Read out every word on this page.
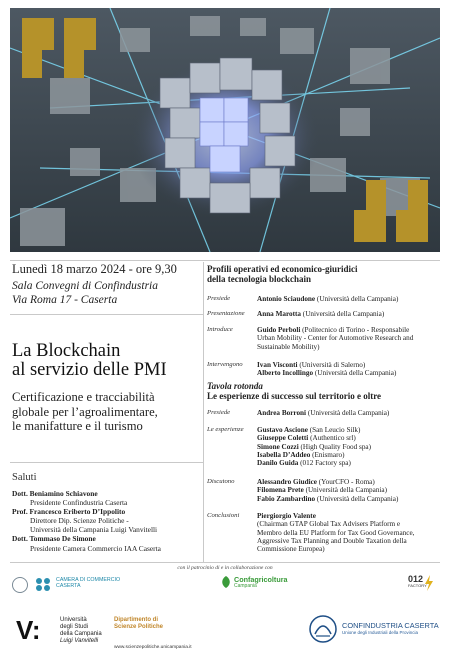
Lunedì 18 marzo 2024 - ore 9,30
Sala Convegni di Confindustria
Via Roma 17 - Caserta
La Blockchain
al servizio delle PMI
Certificazione e tracciabilità
globale per l’agroalimentare,
le manifatture e il turismo
Saluti
Dott. Beniamino Schiavone
Presidente Confindustria Caserta
Prof. Francesco Eriberto D’Ippolito
Direttore Dip. Scienze Politiche -
Università della Campania Luigi Vanvitelli
Dott. Tommaso De Simone
Presidente Camera Commercio IAA Caserta
Profili operativi ed economico-giuridici
della tecnologia blockchain
Presiede	Antonio Sciaudone (Università della Campania)
Presentazione	Anna Marotta (Università della Campania)
Introduce	Guido Perboli (Politecnico di Torino - Responsabile
Urban Mobility - Center for Automotive Research and
Sustainable Mobility)
Intervengono	Ivan Visconti (Università di Salerno)
Alberto Incollingo (Università della Campania)
Tavola rotonda
Le esperienze di successo sul territorio e oltre
Presiede	Andrea Borroni (Università della Campania)
Le esperienze	Gustavo Ascione (San Leucio Silk)
Giuseppe Coletti (Authentico srl)
Simone Cozzi (High Quality Food spa)
Isabella D’Addeo (Enismaro)
Danilo Guida (012 Factory spa)
Discutono	Alessandro Giudice (YourCFO - Roma)
Filomena Prete (Università della Campania)
Fabio Zambardino (Università della Campania)
Conclusioni	Piergiorgio Valente
(Chairman GTAP Global Tax Advisers Platform e
Membro della EU Platform for Tax Good Governance,
Aggressive Tax Planning and Double Taxation della
Commissione Europea)
con il patrocinio di e in collaborazione con
CAMERA DI COMMERCIO
CASERTA
Confagricoltura
Campania
012
FACTORY
V:	Università
degli Studi
della Campania
Luigi Vanvitelli
Dipartimento di
Scienze Politiche
www.scienzepolitiche.unicampania.it
CONFINDUSTRIA CASERTA
Unione degli Industriali della Provincia
